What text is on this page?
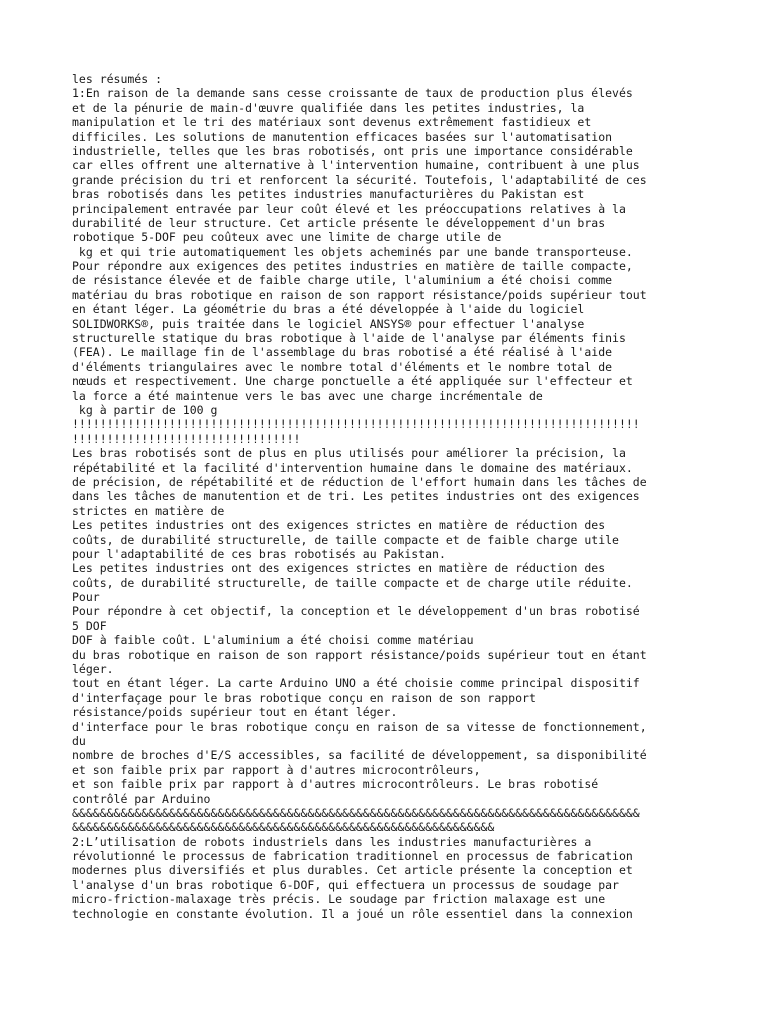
les résumés :
1:En raison de la demande sans cesse croissante de taux de production plus élevés
et de la pénurie de main-d'œuvre qualifiée dans les petites industries, la
manipulation et le tri des matériaux sont devenus extrêmement fastidieux et
difficiles. Les solutions de manutention efficaces basées sur l'automatisation
industrielle, telles que les bras robotisés, ont pris une importance considérable
car elles offrent une alternative à l'intervention humaine, contribuent à une plus
grande précision du tri et renforcent la sécurité. Toutefois, l'adaptabilité de ces
bras robotisés dans les petites industries manufacturières du Pakistan est
principalement entravée par leur coût élevé et les préoccupations relatives à la
durabilité de leur structure. Cet article présente le développement d'un bras
robotique 5-DOF peu coûteux avec une limite de charge utile de
kg et qui trie automatiquement les objets acheminés par une bande transporteuse.
Pour répondre aux exigences des petites industries en matière de taille compacte,
de résistance élevée et de faible charge utile, l'aluminium a été choisi comme
matériau du bras robotique en raison de son rapport résistance/poids supérieur tout
en étant léger. La géométrie du bras a été développée à l'aide du logiciel
SOLIDWORKS®, puis traitée dans le logiciel ANSYS® pour effectuer l'analyse
structurelle statique du bras robotique à l'aide de l'analyse par éléments finis
(FEA). Le maillage fin de l'assemblage du bras robotisé a été réalisé à l'aide
d'éléments triangulaires avec le nombre total d'éléments et le nombre total de
nœuds et respectivement. Une charge ponctuelle a été appliquée sur l'effecteur et
la force a été maintenue vers le bas avec une charge incrémentale de
kg à partir de 100 g
!!!!!!!!!!!!!!!!!!!!!!!!!!!!!!!!!!!!!!!!!!!!!!!!!!!!!!!!!!!!!!!!!!!!!!!!!!!!!!!!!!
!!!!!!!!!!!!!!!!!!!!!!!!!!!!!!!!!
Les bras robotisés sont de plus en plus utilisés pour améliorer la précision, la
répétabilité et la facilité d'intervention humaine dans le domaine des matériaux.
de précision, de répétabilité et de réduction de l'effort humain dans les tâches de
dans les tâches de manutention et de tri. Les petites industries ont des exigences
strictes en matière de
Les petites industries ont des exigences strictes en matière de réduction des
coûts, de durabilité structurelle, de taille compacte et de faible charge utile
pour l'adaptabilité de ces bras robotisés au Pakistan.
Les petites industries ont des exigences strictes en matière de réduction des
coûts, de durabilité structurelle, de taille compacte et de charge utile réduite.
Pour
Pour répondre à cet objectif, la conception et le développement d'un bras robotisé
5 DOF
DOF à faible coût. L'aluminium a été choisi comme matériau
du bras robotique en raison de son rapport résistance/poids supérieur tout en étant
léger.
tout en étant léger. La carte Arduino UNO a été choisie comme principal dispositif
d'interfaçage pour le bras robotique conçu en raison de son rapport
résistance/poids supérieur tout en étant léger.
d'interface pour le bras robotique conçu en raison de sa vitesse de fonctionnement,
du
nombre de broches d'E/S accessibles, sa facilité de développement, sa disponibilité
et son faible prix par rapport à d'autres microcontrôleurs,
et son faible prix par rapport à d'autres microcontrôleurs. Le bras robotisé
contrôlé par Arduino
&&&&&&&&&&&&&&&&&&&&&&&&&&&&&&&&&&&&&&&&&&&&&&&&&&&&&&&&&&&&&&&&&&&&&&&&&&&&&&&&&&
&&&&&&&&&&&&&&&&&&&&&&&&&&&&&&&&&&&&&&&&&&&&&&&&&&&&&&&&&&&&&
2:L’utilisation de robots industriels dans les industries manufacturières a
révolutionné le processus de fabrication traditionnel en processus de fabrication
modernes plus diversifiés et plus durables. Cet article présente la conception et
l'analyse d'un bras robotique 6-DOF, qui effectuera un processus de soudage par
micro-friction-malaxage très précis. Le soudage par friction malaxage est une
technologie en constante évolution. Il a joué un rôle essentiel dans la connexion
